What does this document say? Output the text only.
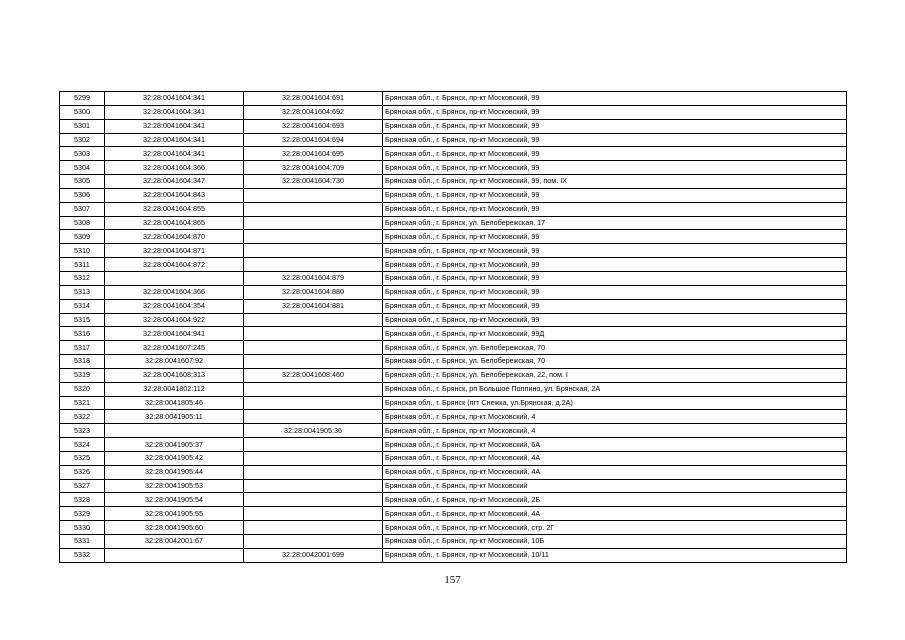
5299	32:28:0041604:341	32:28:0041604:691	Брянская обл., г. Брянск, пр-кт Московский, 99
5300	32:28:0041604:341	32:28:0041604:692	Брянская обл., г. Брянск, пр-кт Московский, 99
5301	32:28:0041604:341	32:28:0041604:693	Брянская обл., г. Брянск, пр-кт Московский, 99
5302	32:28:0041604:341	32:28:0041604:694	Брянская обл., г. Брянск, пр-кт Московский, 99
5303	32:28:0041604:341	32:28:0041604:695	Брянская обл., г. Брянск, пр-кт Московский, 99
5304	32:28:0041604:366	32:28:0041604:709	Брянская обл., г. Брянск, пр-кт Московский, 99
5305	32:28:0041604:347	32:28:0041604:730	Брянская обл., г. Брянск, пр-кт Московский, 99, пом. IX
5306	32:28:0041604:843		Брянская обл., г. Брянск, пр-кт Московский, 99
5307	32:28:0041604:855		Брянская обл., г. Брянск, пр-кт Московский, 99
5308	32:28:0041604:865		Брянская обл., г. Брянск, ул. Белобережская, 17
5309	32:28:0041604:870		Брянская обл., г. Брянск, пр-кт Московский, 99
5310	32:28:0041604:871		Брянская обл., г. Брянск, пр-кт Московский, 99
5311	32:28:0041604:872		Брянская обл., г. Брянск, пр-кт Московский, 99
5312		32:28:0041604:879	Брянская обл., г. Брянск, пр-кт Московский, 99
5313	32:28:0041604:366	32:28:0041604:880	Брянская обл., г. Брянск, пр-кт Московский, 99
5314	32:28:0041604:354	32:28:0041604:881	Брянская обл., г. Брянск, пр-кт Московский, 99
5315	32:28:0041604:922		Брянская обл., г. Брянск, пр-кт Московский, 99
5316	32:28:0041604:941		Брянская обл., г. Брянск, пр-кт Московский, 99Д
5317	32:28:0041607:245		Брянская обл., г. Брянск, ул. Белобережская, 70
5318	32:28:0041607:92		Брянская обл., г. Брянск, ул. Белобережская, 70
5319	32:28:0041608:313	32:28:0041608:460	Брянская обл., г. Брянск, ул. Белобережская, 22, пом. I
5320	32:28:0041802:112		Брянская обл., г. Брянск, рп Большое Полпино, ул. Брянская, 2А
5321	32:28:0041805:46		Брянская обл., г. Брянск (пгт Снежка, ул.Брянская, д.2А)
5322	32:28:0041905:11		Брянская обл., г. Брянск, пр-кт Московский, 4
5323		32:28:0041905:36	Брянская обл., г. Брянск, пр-кт Московский, 4
5324	32:28:0041905:37		Брянская обл., г. Брянск, пр-кт Московский, 6А
5325	32:28:0041905:42		Брянская обл., г. Брянск, пр-кт Московский, 4А
5326	32:28:0041905:44		Брянская обл., г. Брянск, пр-кт Московский, 4А
5327	32:28:0041905:53		Брянская обл., г. Брянск, пр-кт Московский
5328	32:28:0041905:54		Брянская обл., г. Брянск, пр-кт Московский, 2Б
5329	32:28:0041905:55		Брянская обл., г. Брянск, пр-кт Московский, 4А
5330	32:28:0041905:60		Брянская обл., г. Брянск, пр-кт Московский, стр. 2Г
5331	32:28:0042001:67		Брянская обл., г. Брянск, пр-кт Московский, 10Б
5332		32:28:0042001:699	Брянская обл., г. Брянск, пр-кт Московский, 10/11
157
